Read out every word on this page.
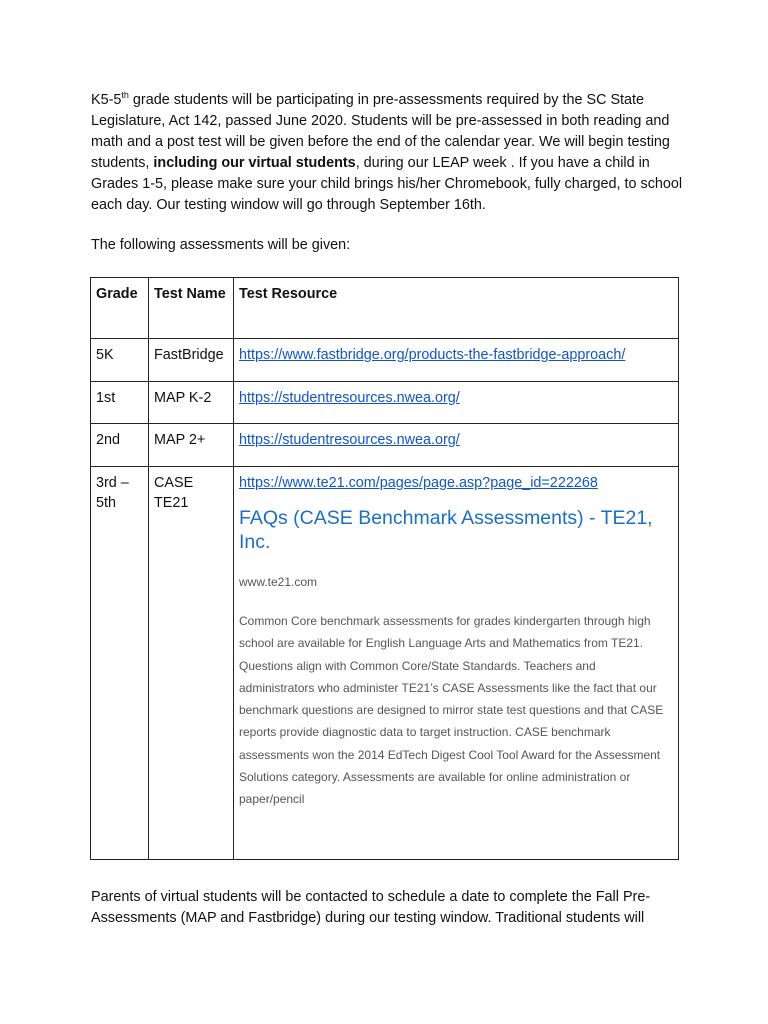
K5-5th grade students will be participating in pre-assessments required by the SC State Legislature, Act 142, passed June 2020. Students will be pre-assessed in both reading and math and a post test will be given before the end of the calendar year. We will begin testing students, including our virtual students, during our LEAP week . If you have a child in Grades 1-5, please make sure your child brings his/her Chromebook, fully charged, to school each day. Our testing window will go through September 16th.

The following assessments will be given:

Grade	Test Name	Test Resource
5K	FastBridge	https://www.fastbridge.org/products-the-fastbridge-approach/
1st	MAP K-2	https://studentresources.nwea.org/
2nd	MAP 2+	https://studentresources.nwea.org/
3rd – 5th	CASE TE21	https://www.te21.com/pages/page.asp?page_id=222268
FAQs (CASE Benchmark Assessments) - TE21, Inc.
www.te21.com
Common Core benchmark assessments for grades kindergarten through high school are available for English Language Arts and Mathematics from TE21. Questions align with Common Core/State Standards. Teachers and administrators who administer TE21’s CASE Assessments like the fact that our benchmark questions are designed to mirror state test questions and that CASE reports provide diagnostic data to target instruction. CASE benchmark assessments won the 2014 EdTech Digest Cool Tool Award for the Assessment Solutions category. Assessments are available for online administration or paper/pencil

Parents of virtual students will be contacted to schedule a date to complete the Fall Pre-Assessments (MAP and Fastbridge) during our testing window. Traditional students will
